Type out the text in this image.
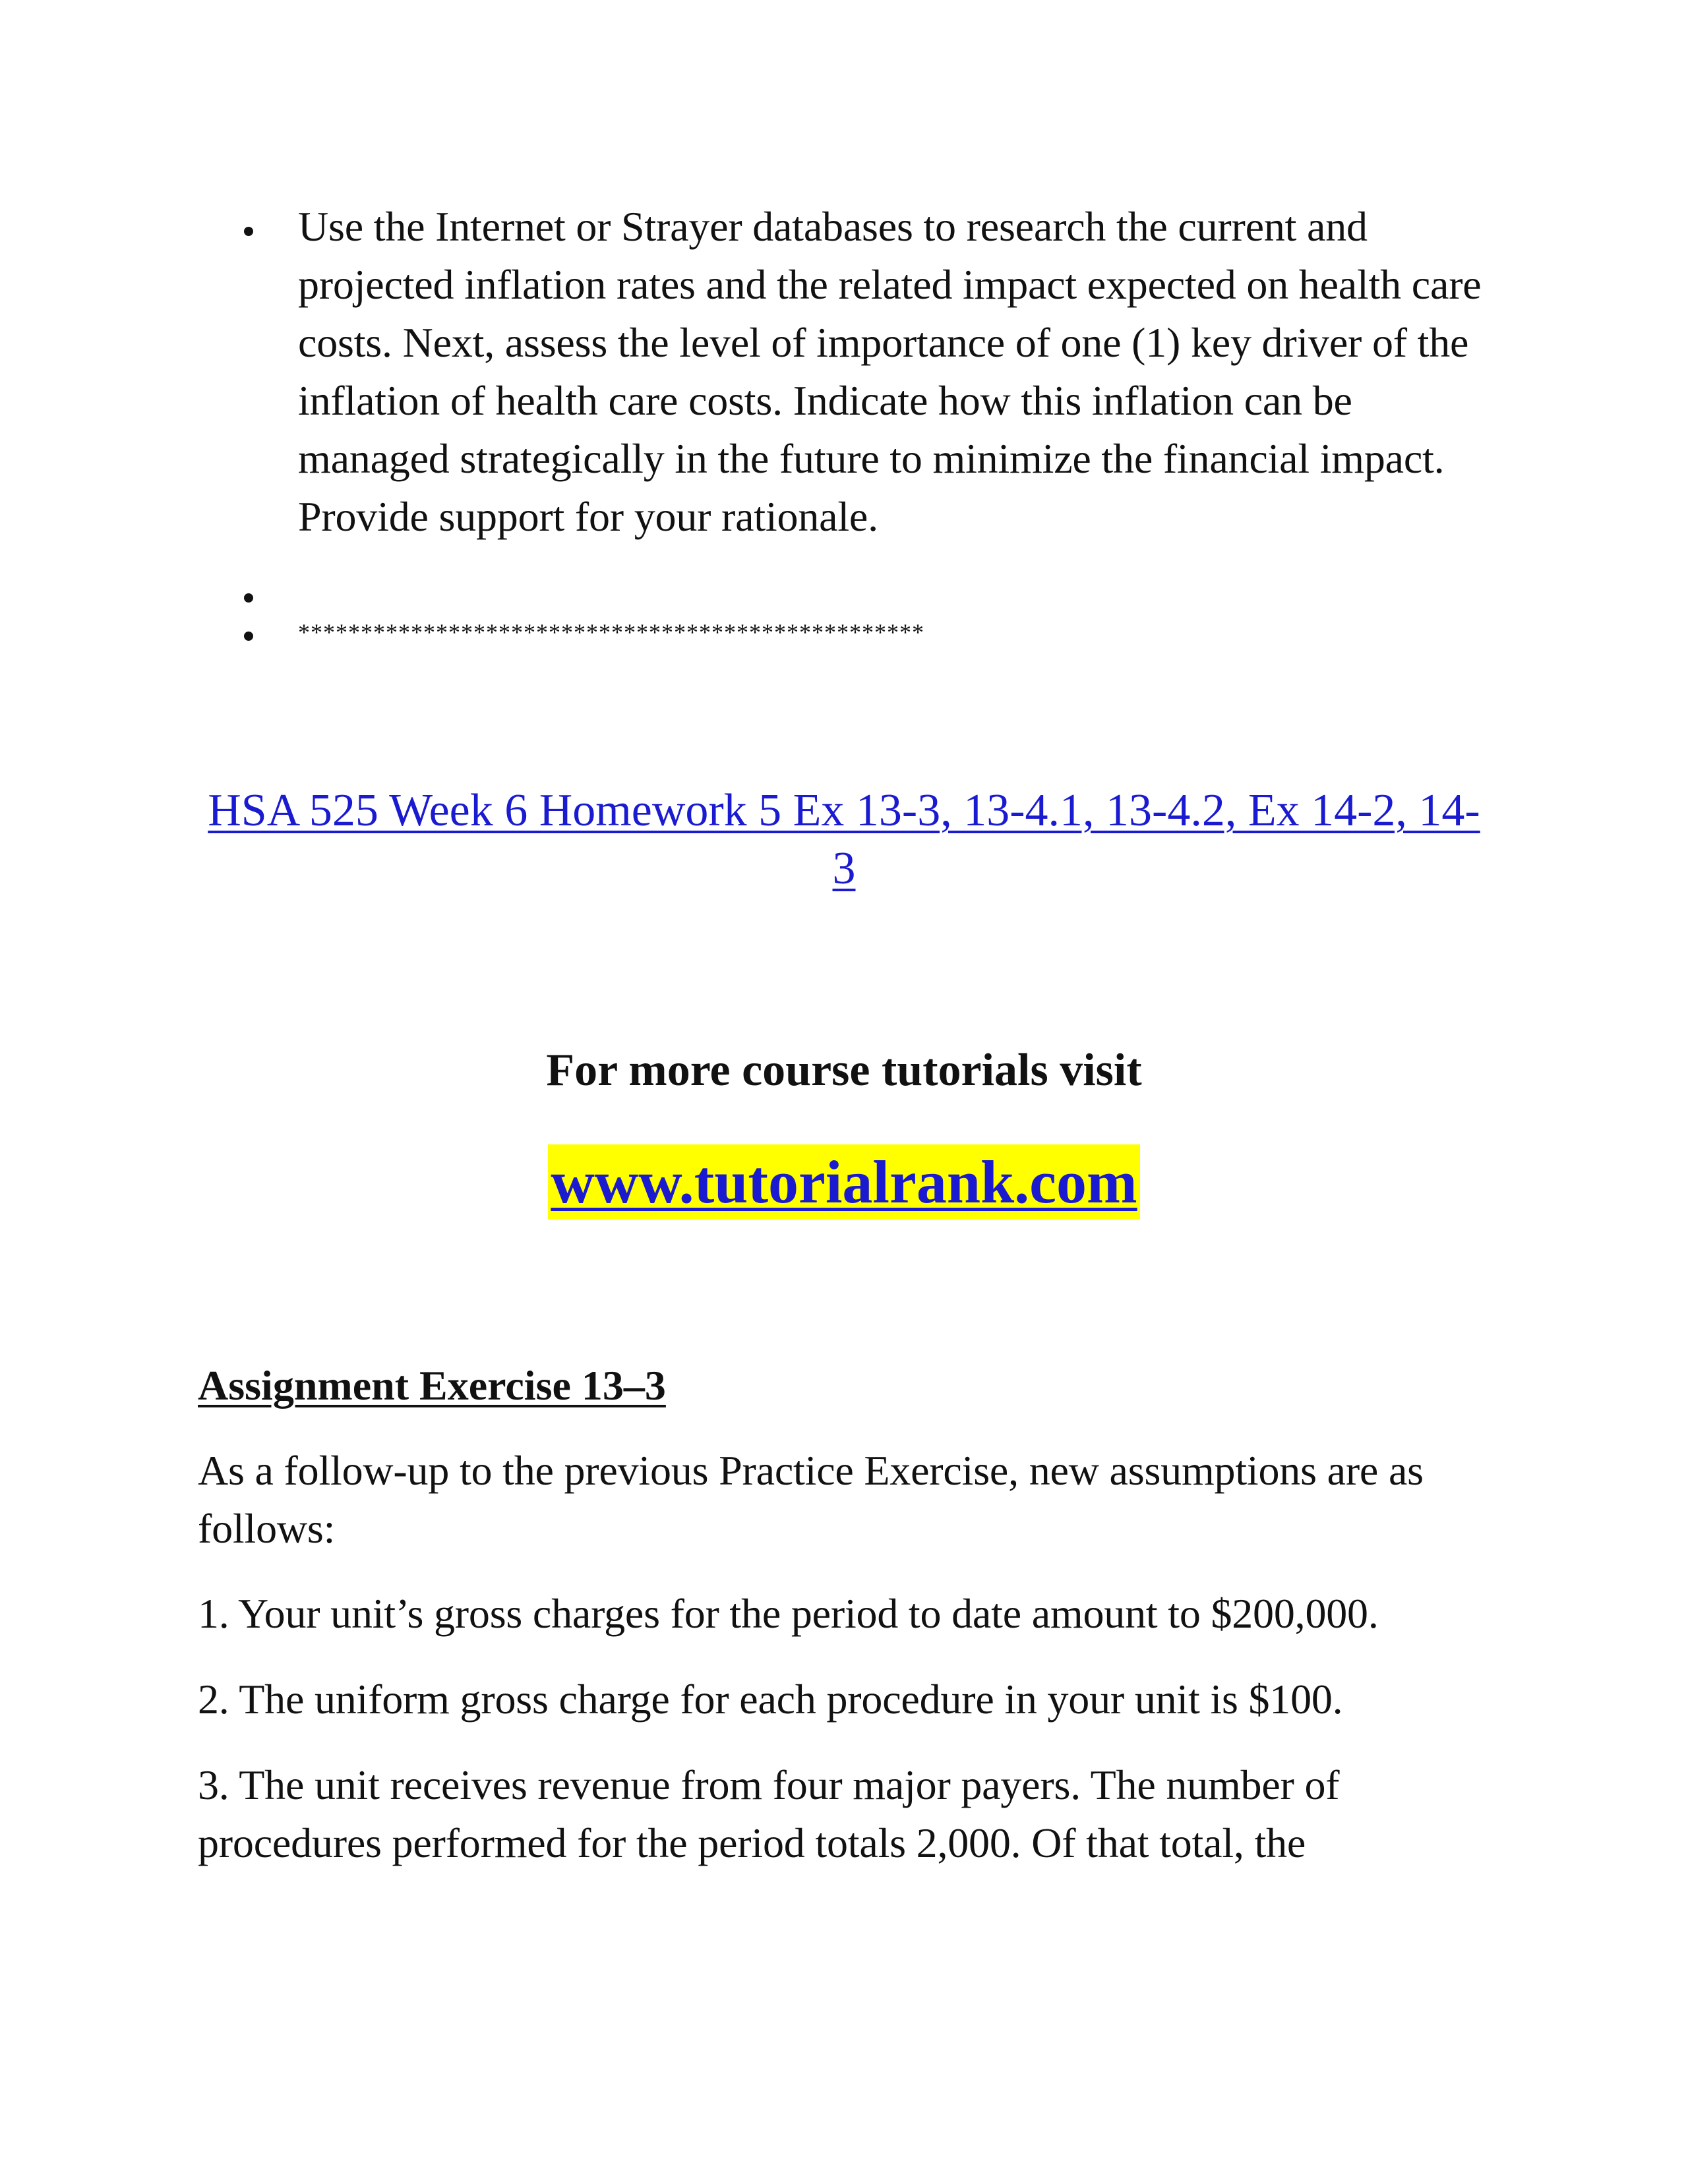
Use the Internet or Strayer databases to research the current and projected inflation rates and the related impact expected on health care costs. Next, assess the level of importance of one (1) key driver of the inflation of health care costs. Indicate how this inflation can be managed strategically in the future to minimize the financial impact. Provide support for your rationale.
**************************************************
HSA 525 Week 6 Homework 5 Ex 13-3, 13-4.1, 13-4.2, Ex 14-2, 14-3
For more course tutorials visit
www.tutorialrank.com
Assignment Exercise 13–3

As a follow-up to the previous Practice Exercise, new assumptions are as follows:

1. Your unit’s gross charges for the period to date amount to $200,000.

2. The uniform gross charge for each procedure in your unit is $100.

3. The unit receives revenue from four major payers. The number of procedures performed for the period totals 2,000. Of that total, the
